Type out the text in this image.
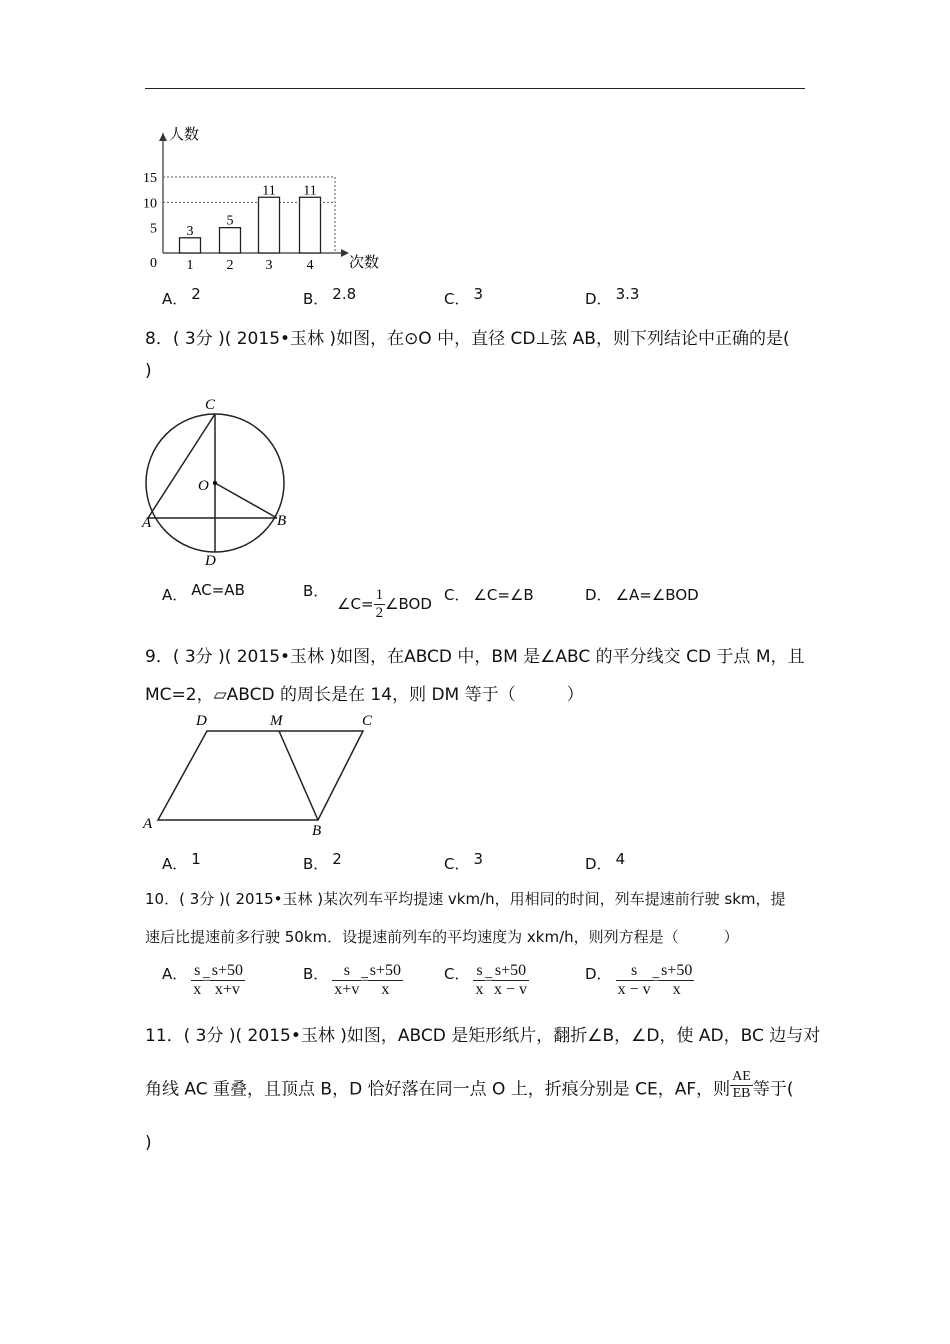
人数
次数
15
10
5
0
3
1
5
2
11
3
11
4
A． 2	B． 2.8	C． 3	D． 3.3
8．( 3分 )( 2015•玉林 )如图，在⊙O 中，直径 CD⊥弦 AB，则下列结论中正确的是(
)
C
O
A	B
D
A． AC=AB	B． ∠C= $\frac{1}{2}$ ∠BOD C． ∠C=∠B	D． ∠A=∠BOD
9．( 3分 )( 2015•玉林 )如图，在ABCD 中，BM 是∠ABC 的平分线交 CD 于点 M，且
MC=2，▱ABCD 的周长是在 14，则 DM 等于（　　　）
D	M	C
A	B
A． 1	B． 2	C． 3	D． 4
10．( 3分 )( 2015•玉林 )某次列车平均提速 vkm/h，用相同的时间，列车提速前行驶 skm，提
速后比提速前多行驶 50km．设提速前列车的平均速度为 xkm/h，则列方程是（　　　）
A． $\frac{s}{x} = \frac{s+50}{x+v}$	B． $\frac{s}{x+v} = \frac{s+50}{x}$	C． $\frac{s}{x} = \frac{s+50}{x - v}$	D． $\frac{s}{x - v} = \frac{s+50}{x}$
11．( 3分 )( 2015•玉林 )如图，ABCD 是矩形纸片，翻折∠B，∠D，使 AD，BC 边与对
角线 AC 重叠，且顶点 B，D 恰好落在同一点 O 上，折痕分别是 CE，AF，则 $\frac{AE}{EB}$ 等于(
)
